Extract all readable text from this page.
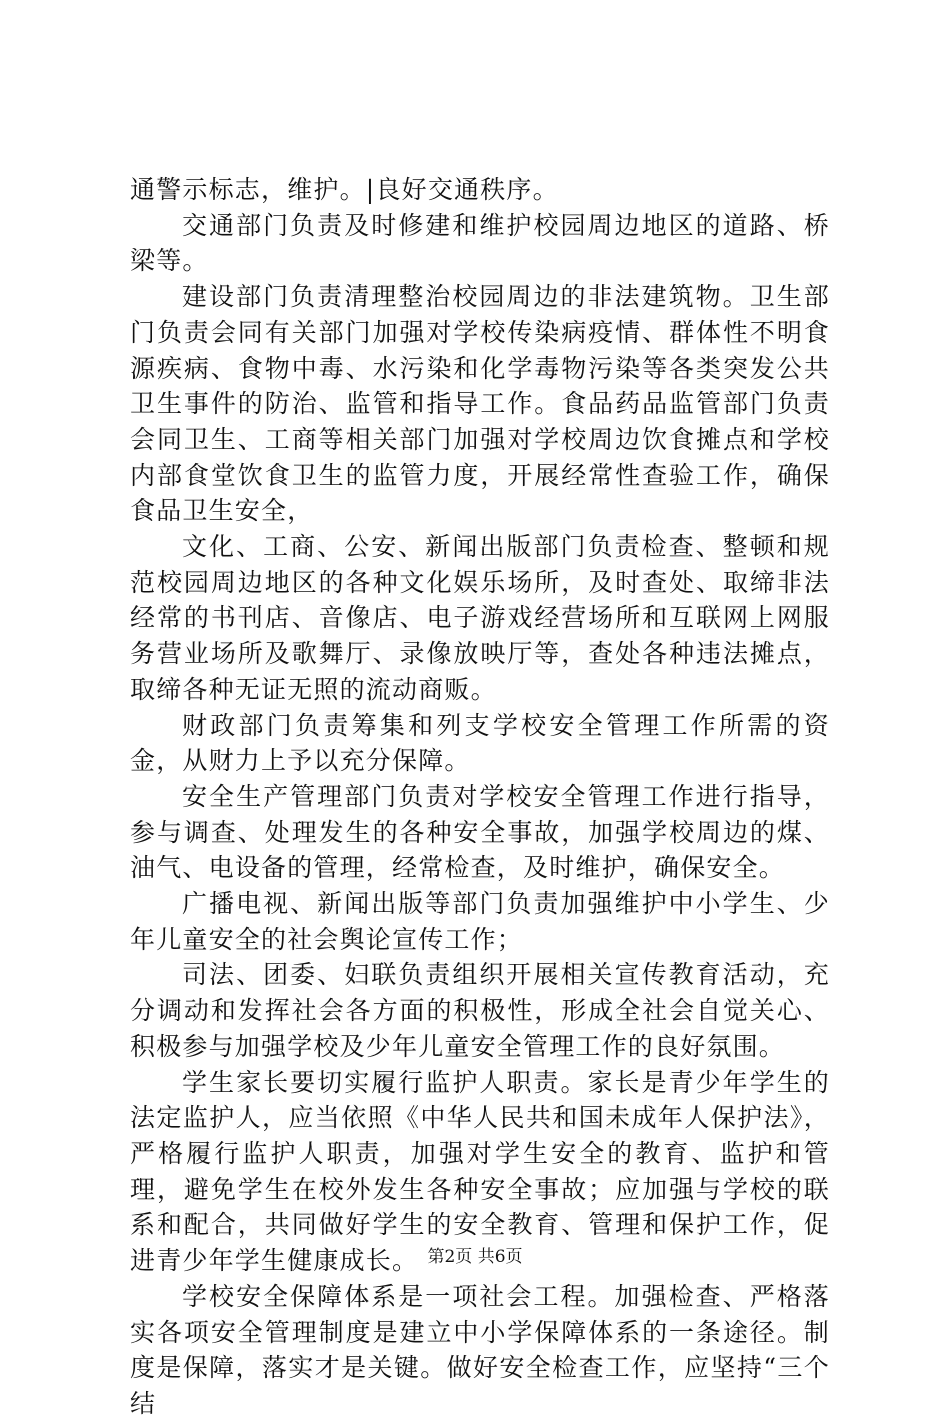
通警示标志，维护。|良好交通秩序。

交通部门负责及时修建和维护校园周边地区的道路、桥梁等。

建设部门负责清理整治校园周边的非法建筑物。卫生部门负责会同有关部门加强对学校传染病疫情、群体性不明食源疾病、食物中毒、水污染和化学毒物污染等各类突发公共卫生事件的防治、监管和指导工作。食品药品监管部门负责会同卫生、工商等相关部门加强对学校周边饮食摊点和学校内部食堂饮食卫生的监管力度，开展经常性查验工作，确保食品卫生安全，

文化、工商、公安、新闻出版部门负责检查、整顿和规范校园周边地区的各种文化娱乐场所，及时查处、取缔非法经常的书刊店、音像店、电子游戏经营场所和互联网上网服务营业场所及歌舞厅、录像放映厅等，查处各种违法摊点，取缔各种无证无照的流动商贩。

财政部门负责筹集和列支学校安全管理工作所需的资金，从财力上予以充分保障。

安全生产管理部门负责对学校安全管理工作进行指导，参与调查、处理发生的各种安全事故，加强学校周边的煤、油气、电设备的管理，经常检查，及时维护，确保安全。

广播电视、新闻出版等部门负责加强维护中小学生、少年儿童安全的社会舆论宣传工作；

司法、团委、妇联负责组织开展相关宣传教育活动，充分调动和发挥社会各方面的积极性，形成全社会自觉关心、积极参与加强学校及少年儿童安全管理工作的良好氛围。

学生家长要切实履行监护人职责。家长是青少年学生的法定监护人，应当依照《中华人民共和国未成年人保护法》，严格履行监护人职责，加强对学生安全的教育、监护和管理，避免学生在校外发生各种安全事故；应加强与学校的联系和配合，共同做好学生的安全教育、管理和保护工作，促进青少年学生健康成长。

学校安全保障体系是一项社会工程。加强检查、严格落实各项安全管理制度是建立中小学保障体系的一条途径。制度是保障，落实才是关键。做好安全检查工作，应坚持“三个结

第2页 共6页
